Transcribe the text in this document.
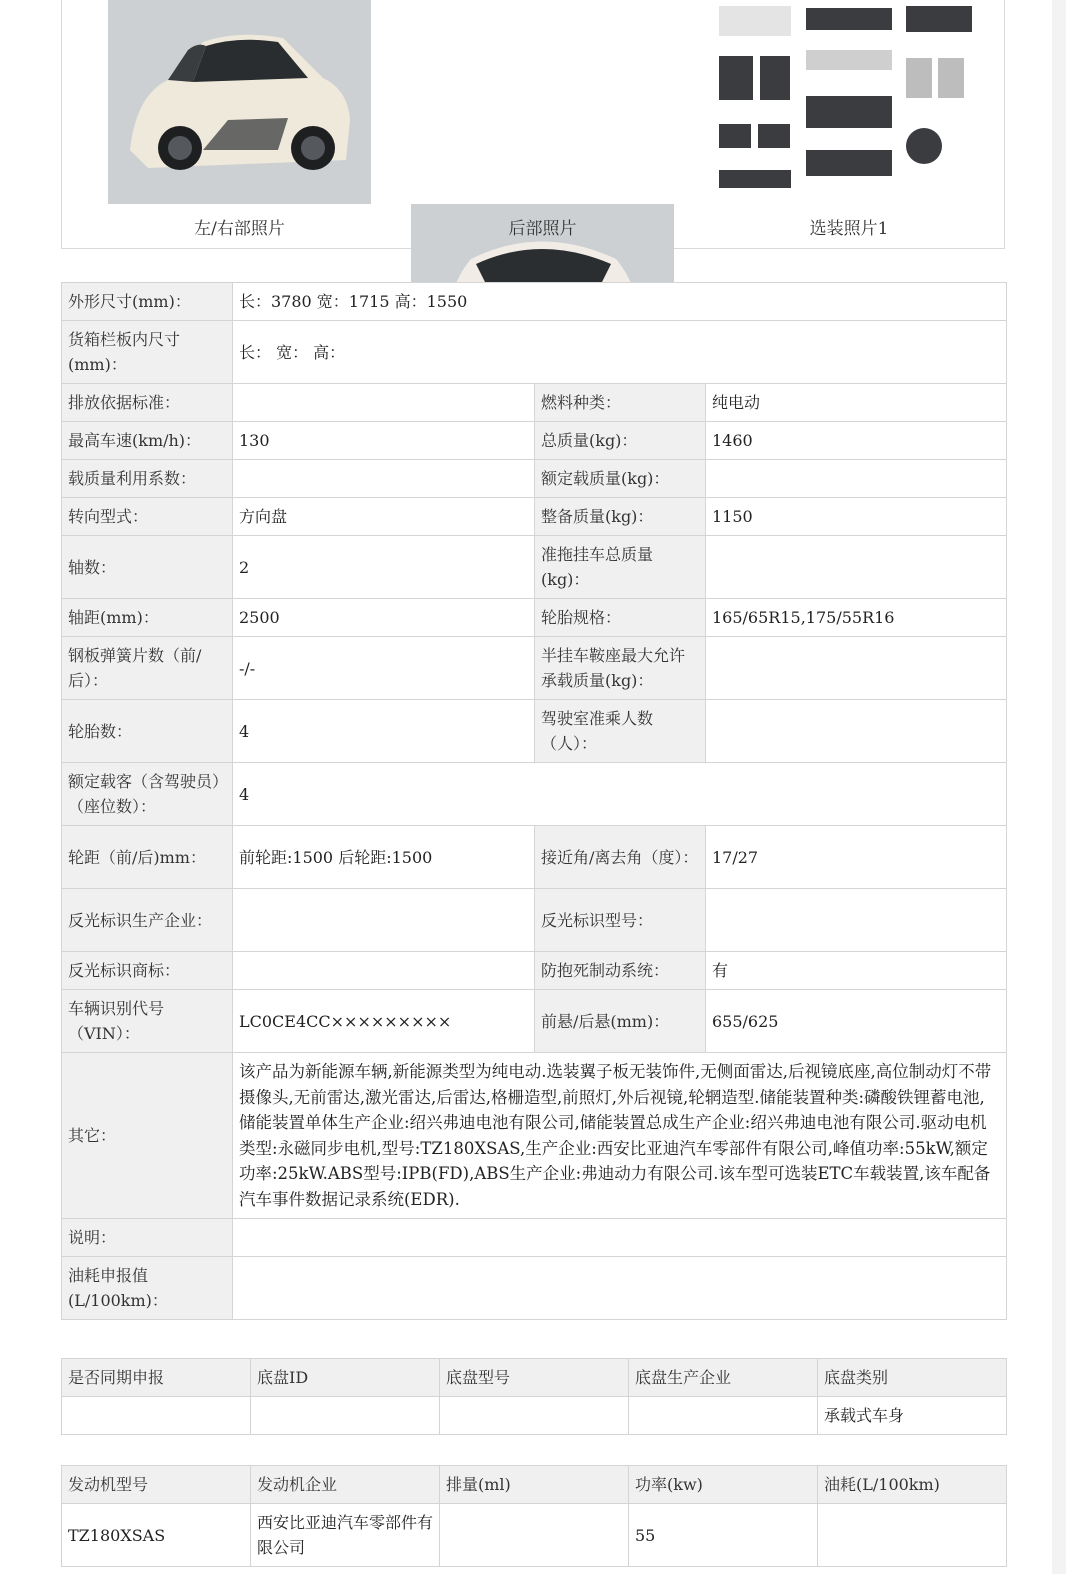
左/右部照片	后部照片	选装照片1
外形尺寸(mm)：	长：3780 宽：1715 高：1550		
货箱栏板内尺寸(mm)：	长： 宽： 高：		
排放依据标准：		燃料种类：	纯电动
最高车速(km/h)：	130	总质量(kg)：	1460
载质量利用系数：		额定载质量(kg)：	
转向型式：	方向盘	整备质量(kg)：	1150
轴数：	2	准拖挂车总质量(kg)：	
轴距(mm)：	2500	轮胎规格：	165/65R15,175/55R16
钢板弹簧片数（前/后）：	-/-	半挂车鞍座最大允许承载质量(kg)：	
轮胎数：	4	驾驶室准乘人数（人）：	
额定载客（含驾驶员）（座位数）：	4		
轮距（前/后)mm：	前轮距:1500 后轮距:1500	接近角/离去角（度）：	17/27
反光标识生产企业：		反光标识型号：	
反光标识商标：		防抱死制动系统：	有
车辆识别代号（VIN）：	LC0CE4CC×××××××××	前悬/后悬(mm)：	655/625
其它：	该产品为新能源车辆,新能源类型为纯电动.选装翼子板无装饰件,无侧面雷达,后视镜底座,高位制动灯不带摄像头,无前雷达,激光雷达,后雷达,格栅造型,前照灯,外后视镜,轮辋造型.储能装置种类:磷酸铁锂蓄电池,储能装置单体生产企业:绍兴弗迪电池有限公司,储能装置总成生产企业:绍兴弗迪电池有限公司.驱动电机类型:永磁同步电机,型号:TZ180XSAS,生产企业:西安比亚迪汽车零部件有限公司,峰值功率:55kW,额定功率:25kW.ABS型号:IPB(FD),ABS生产企业:弗迪动力有限公司.该车型可选装ETC车载装置,该车配备汽车事件数据记录系统(EDR).		
说明：			
油耗申报值(L/100km)：			
是否同期申报	底盘ID	底盘型号	底盘生产企业	底盘类别
				承载式车身
发动机型号	发动机企业	排量(ml)	功率(kw)	油耗(L/100km)
TZ180XSAS	西安比亚迪汽车零部件有限公司		55	
